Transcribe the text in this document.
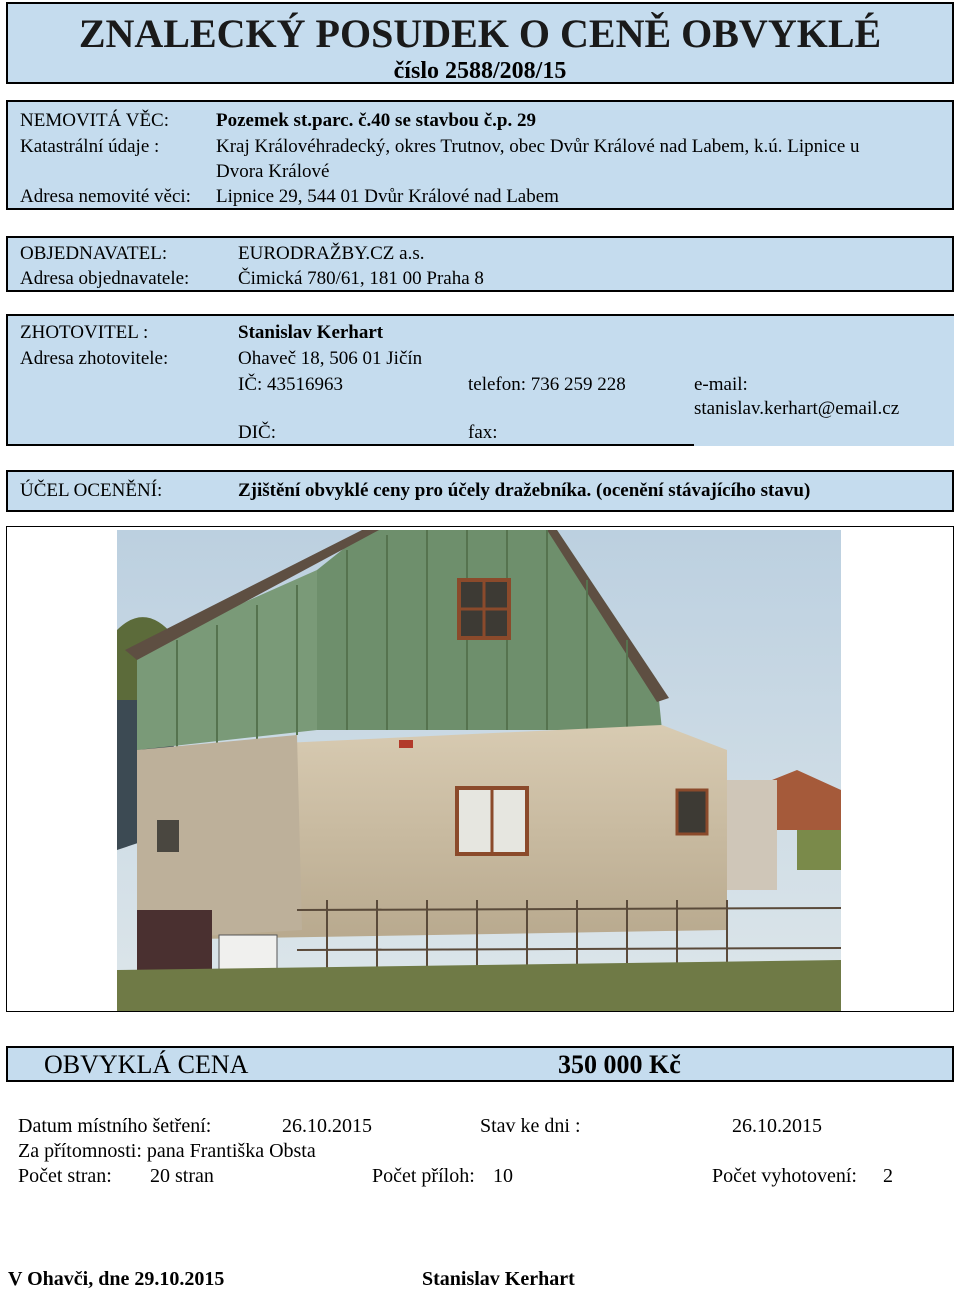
ZNALECKÝ POSUDEK O CENĚ OBVYKLÉ
číslo 2588/208/15
NEMOVITÁ VĚC: Pozemek st.parc. č.40 se stavbou č.p. 29
Katastrální údaje :	Kraj Královéhradecký, okres Trutnov, obec Dvůr Králové nad Labem, k.ú. Lipnice u
Dvora Králové
Adresa nemovité věci: Lipnice 29, 544 01 Dvůr Králové nad Labem
OBJEDNAVATEL:	EURODRAŽBY.CZ a.s.
Adresa objednavatele:	Čimická 780/61, 181 00 Praha 8
ZHOTOVITEL :	Stanislav Kerhart
Adresa zhotovitele:	Ohaveč 18, 506 01 Jičín
IČ: 43516963	telefon: 736 259 228	e-mail:
stanislav.kerhart@email.cz
DIČ:	fax:
ÚČEL OCENĚNÍ:	Zjištění obvyklé ceny pro účely dražebníka. (ocenění stávajícího stavu)
OBVYKLÁ CENA	350 000 Kč
Datum místního šetření:	26.10.2015	Stav ke dni :	26.10.2015
Za přítomnosti: pana Františka Obsta
Počet stran: 20 stran	Počet příloh: 10	Počet vyhotovení: 2
V Ohavči, dne 29.10.2015	Stanislav Kerhart
